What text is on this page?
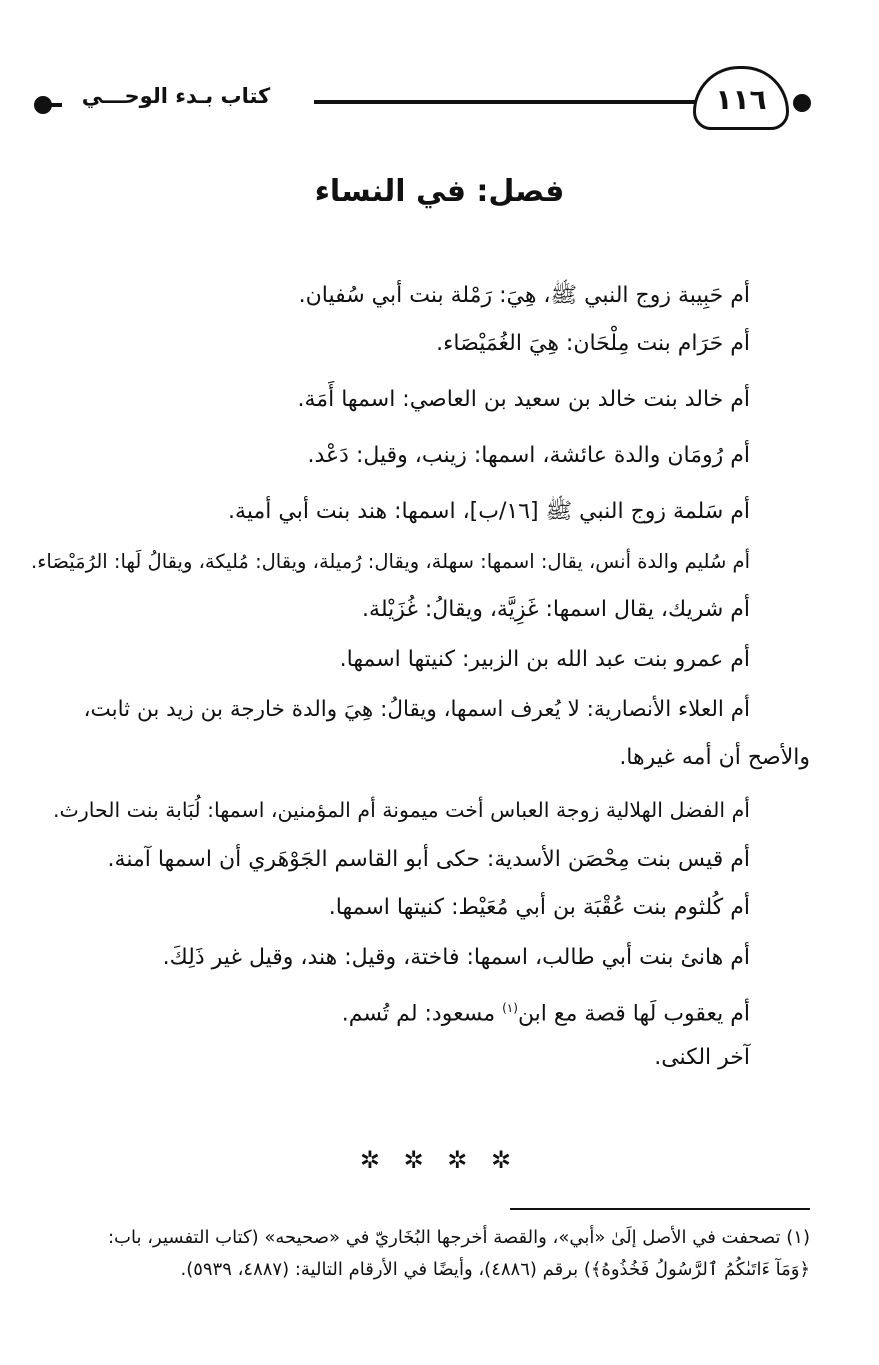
كتاب بـدء الوحـــي	١١٦
فصل: في النساء
أم حَبِيبة زوج النبي ﷺ، هِيَ: رَمْلة بنت أبي سُفيان.
أم حَرَام بنت مِلْحَان: هِيَ الغُمَيْصَاء.
أم خالد بنت خالد بن سعيد بن العاصي: اسمها أَمَة.
أم رُومَان والدة عائشة، اسمها: زينب، وقيل: دَعْد.
أم سَلمة زوج النبي ﷺ [١٦/ب]، اسمها: هند بنت أبي أمية.
أم سُليم والدة أنس، يقال: اسمها: سهلة، ويقال: رُميلة، ويقال: مُليكة، ويقالُ لَها: الرُمَيْصَاء.
أم شريك، يقال اسمها: غَزِيَّة، ويقالُ: غُزَيْلة.
أم عمرو بنت عبد الله بن الزبير: كنيتها اسمها.
أم العلاء الأنصارية: لا يُعرف اسمها، ويقالُ: هِيَ والدة خارجة بن زيد بن ثابت،
والأصح أن أمه غيرها.
أم الفضل الهلالية زوجة العباس أخت ميمونة أم المؤمنين، اسمها: لُبَابة بنت الحارث.
أم قيس بنت مِحْصَن الأسدية: حكى أبو القاسم الجَوْهَري أن اسمها آمنة.
أم كُلثوم بنت عُقْبَة بن أبي مُعَيْط: كنيتها اسمها.
أم هانئ بنت أبي طالب، اسمها: فاختة، وقيل: هند، وقيل غير ذَلِكَ.
أم يعقوب لَها قصة مع ابن$^{(١)}$ مسعود: لم تُسم.
آخر الكنى.
✲ ✲ ✲ ✲
(١) تصحفت في الأصل إلَىٰ «أبي»، والقصة أخرجها البُخَاريّ في «صحيحه» (كتاب التفسير، باب:
﴿وَمَآ ءَاتَىٰكُمُ ٱلرَّسُولُ فَخُذُوهُ﴾) برقم (٤٨٨٦)، وأيضًا في الأرقام التالية: (٤٨٨٧، ٥٩٣٩).
